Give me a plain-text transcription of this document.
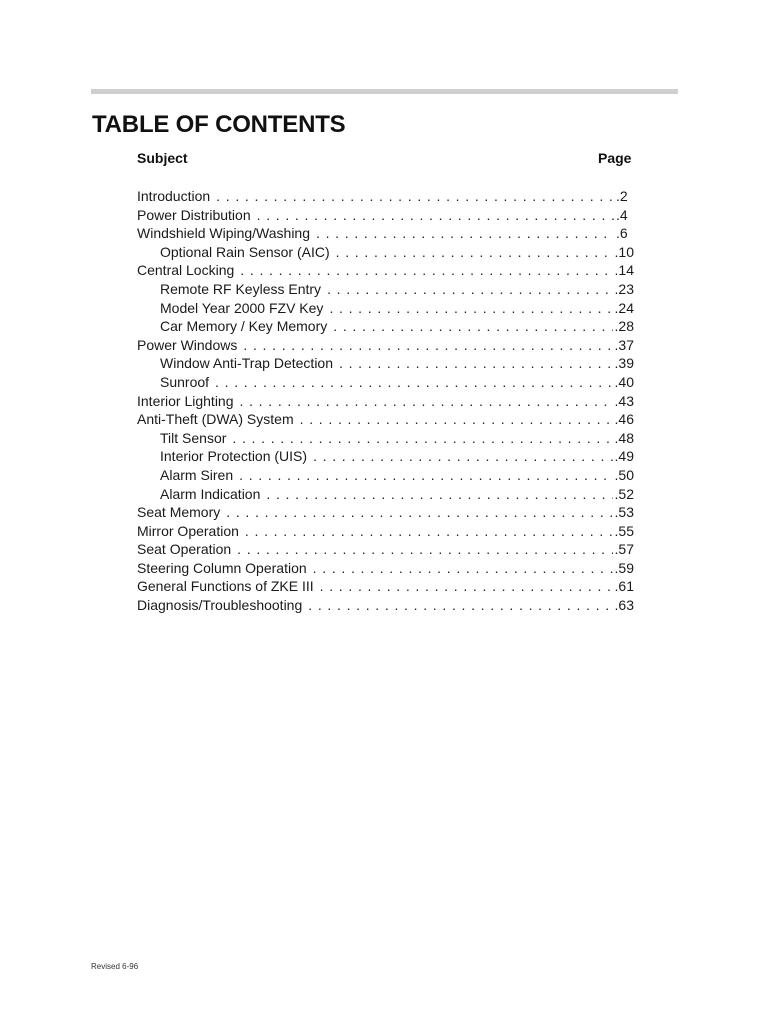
TABLE OF CONTENTS
Subject	Page
Introduction . . .	.2
Power Distribution . . .	.4
Windshield Wiping/Washing . . .	.6
Optional Rain Sensor (AIC) . . .	.10
Central Locking . . .	.14
Remote RF Keyless Entry . . .	.23
Model Year 2000 FZV Key . . .	.24
Car Memory / Key Memory . . .	.28
Power Windows . . .	.37
Window Anti-Trap Detection . . .	.39
Sunroof . . .	.40
Interior Lighting . . .	.43
Anti-Theft (DWA) System . . .	.46
Tilt Sensor . . .	.48
Interior Protection (UIS) . . .	.49
Alarm Siren . . .	.50
Alarm Indication . . .	.52
Seat Memory . . .	.53
Mirror Operation . . .	.55
Seat Operation . . .	.57
Steering Column Operation . . .	.59
General Functions of ZKE III . . .	.61
Diagnosis/Troubleshooting . . .	.63
Revised 6-96
